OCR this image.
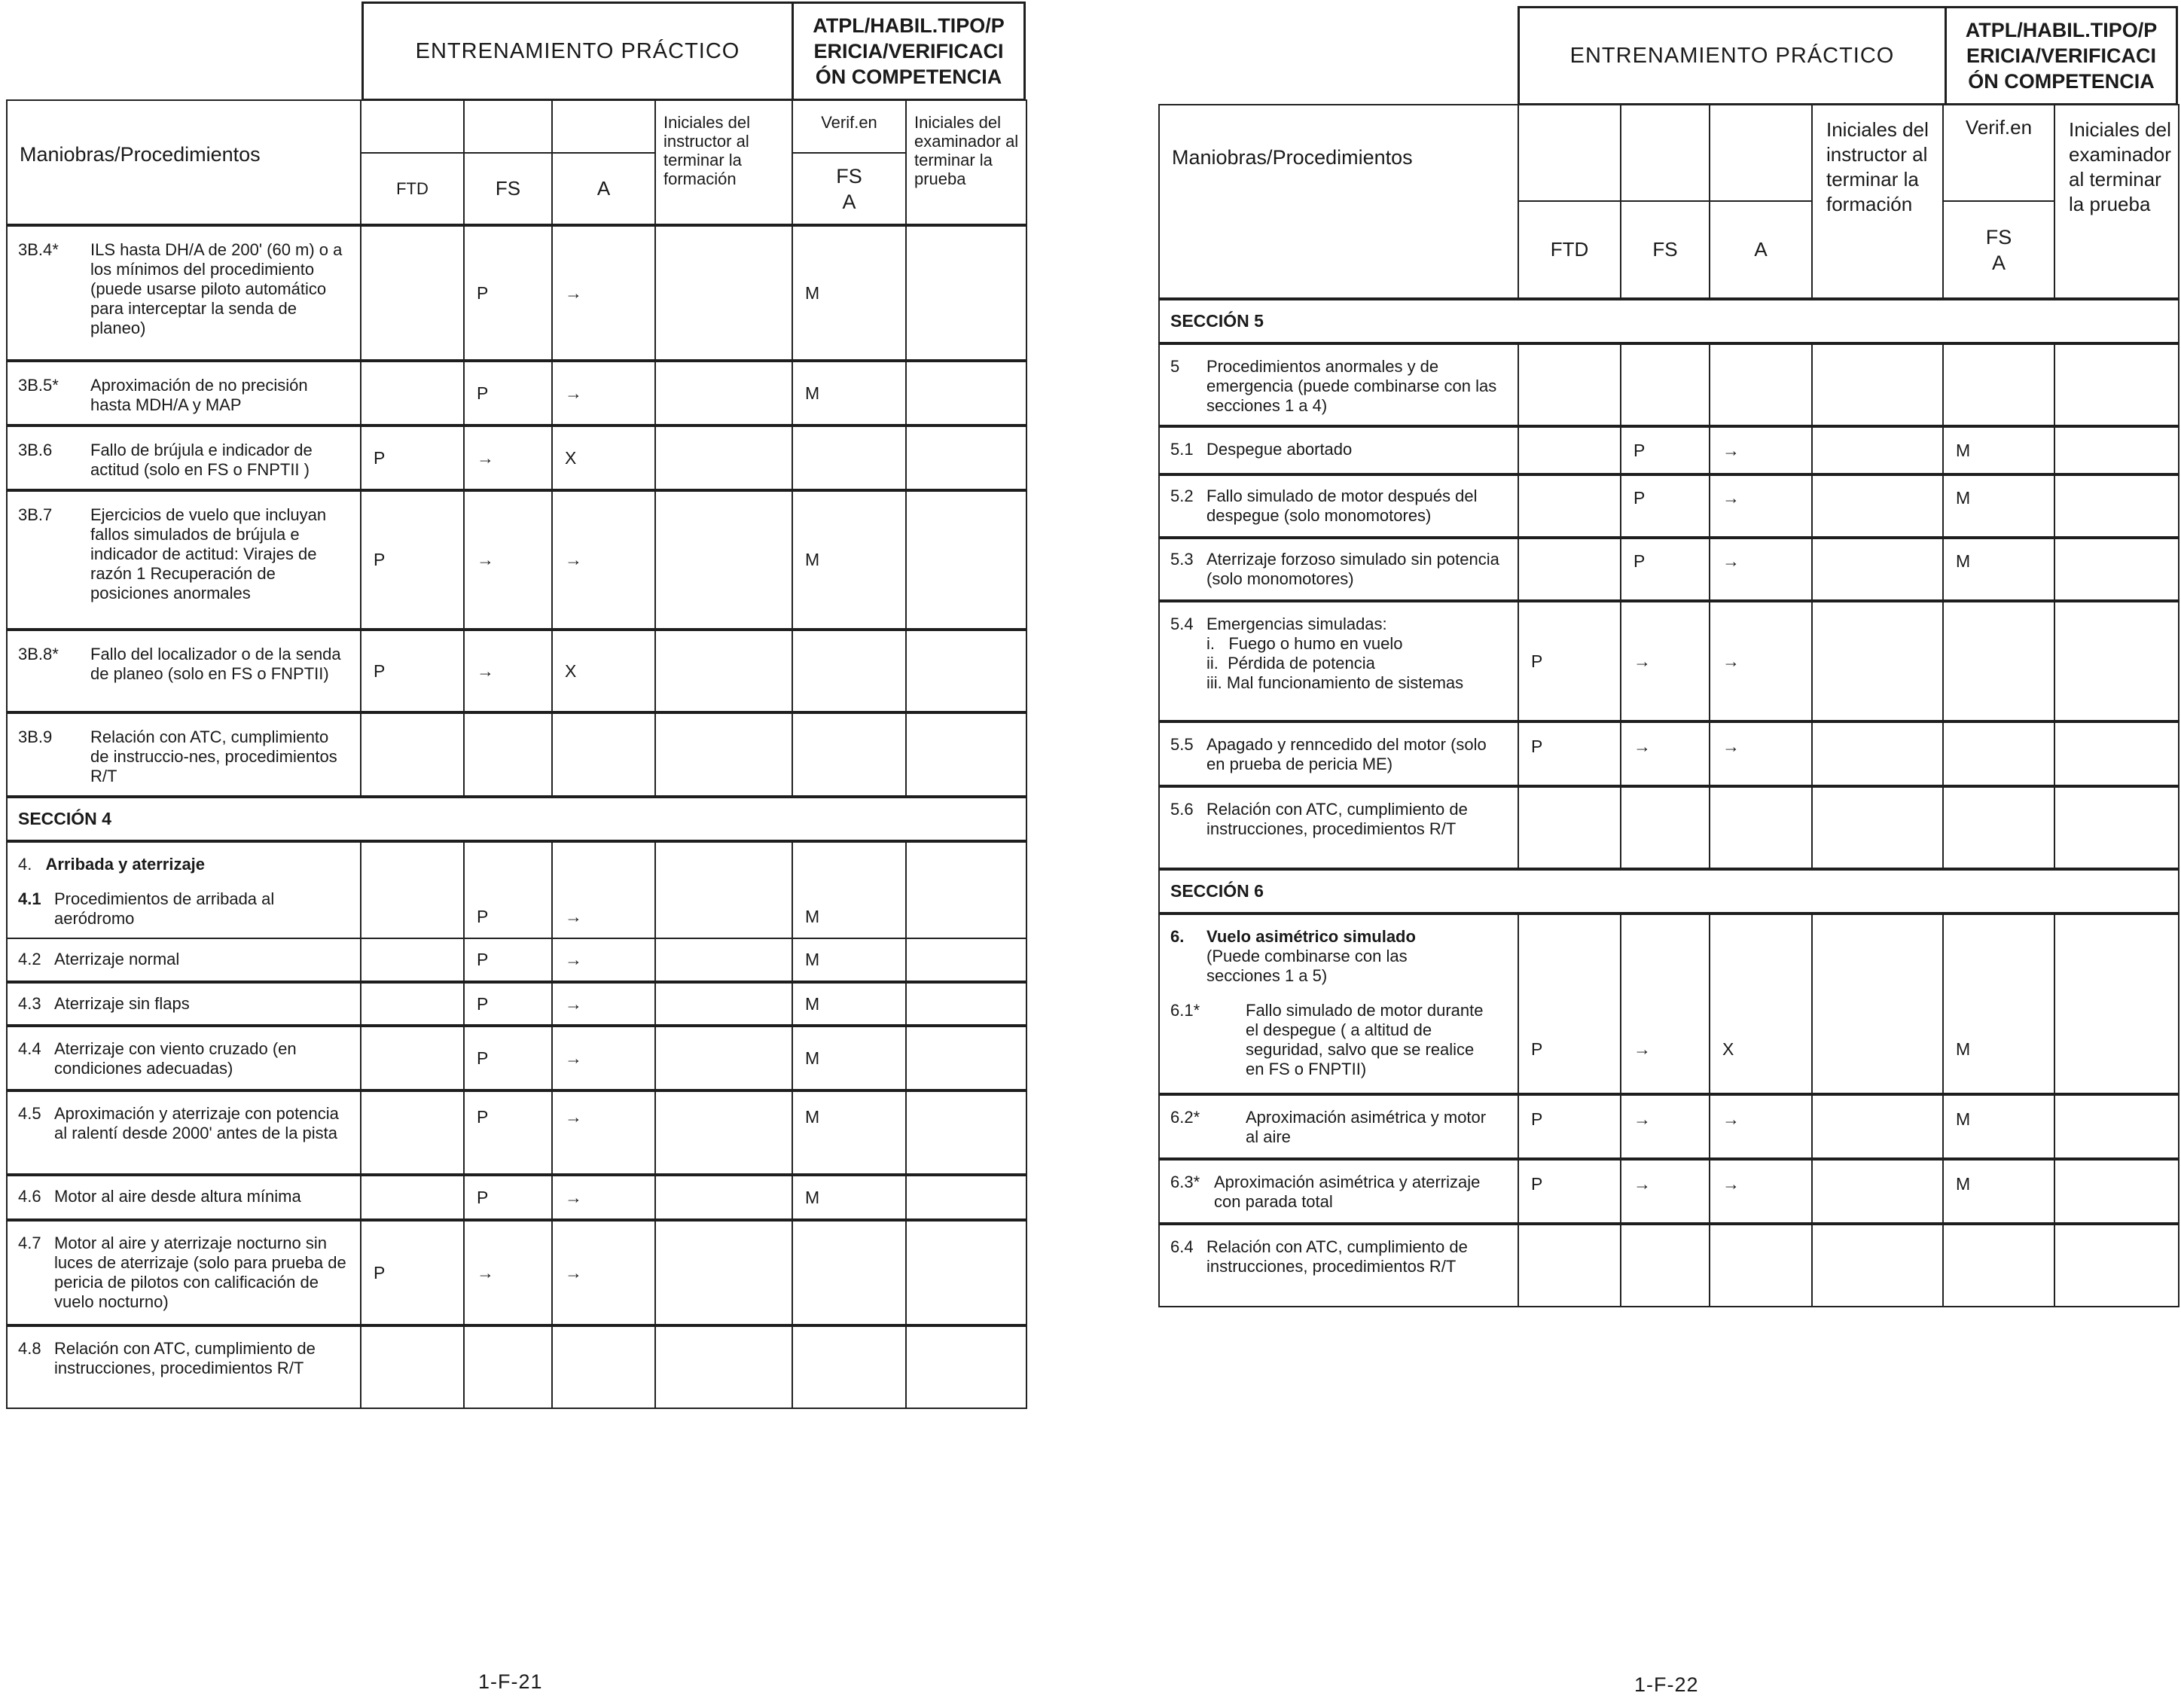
ENTRENAMIENTO PRÁCTICO
ATPL/HABIL.TIPO/P
ERICIA/VERIFICACI
ÓN COMPETENCIA
Maniobras/Procedimientos				Iniciales del instructor al terminar la formación	Verif.en	Iniciales del examinador al terminar la prueba
	FTD	FS	A		FS
A	

3B.4* ILS hasta DH/A de 200' (60 m) o a los mínimos del procedimiento (puede usarse piloto automático para interceptar la senda de planeo)		P	→		M	
3B.5* Aproximación de no precisión hasta MDH/A y MAP		P	→		M	
3B.6 Fallo de brújula e indicador de actitud (solo en FS o FNPTII )	P	→	X			
3B.7 Ejercicios de vuelo que incluyan fallos simulados de brújula e indicador de actitud: Virajes de razón 1 Recuperación de posiciones anormales	P	→	→		M	
3B.8* Fallo del localizador o de la senda de planeo (solo en FS o FNPTII)	P	→	X			
3B.9 Relación con ATC, cumplimiento de instruccio-nes, procedimientos R/T						
SECCIÓN 4						

4. Arribada y aterrizaje
4.1 Procedimientos de arribada al aeródromo		P	→		M	
4.2 Aterrizaje normal		P	→		M	
4.3 Aterrizaje sin flaps		P	→		M	
4.4 Aterrizaje con viento cruzado (en condiciones adecuadas)		P	→		M	
4.5 Aproximación y aterrizaje con potencia al ralentí desde 2000' antes de la pista		P	→		M	
4.6 Motor al aire desde altura mínima		P	→		M	
4.7 Motor al aire y aterrizaje nocturno sin luces de aterrizaje (solo para prueba de pericia de pilotos con calificación de vuelo nocturno)	P	→	→			
4.8 Relación con ATC, cumplimiento de instrucciones, procedimientos R/T						
1-F-21
ENTRENAMIENTO PRÁCTICO
ATPL/HABIL.TIPO/P
ERICIA/VERIFICACI
ÓN COMPETENCIA
Maniobras/Procedimientos				Iniciales del instructor al terminar la formación	Verif.en	Iniciales del examinador al terminar la prueba
	FTD	FS	A		FS
A	

SECCIÓN 5						
5 Procedimientos anormales y de emergencia (puede combinarse con las secciones 1 a 4)						
5.1 Despegue abortado		P	→		M	
5.2 Fallo simulado de motor después del despegue (solo monomotores)		P	→		M	
5.3 Aterrizaje forzoso simulado sin potencia (solo monomotores)		P	→		M	

5.4 Emergencias simuladas:
i.   Fuego o humo en vuelo
ii.  Pérdida de potencia
iii. Mal funcionamiento de sistemas	P	→	→			
5.5 Apagado y renncedido del motor (solo en prueba de pericia ME)	P	→	→			
5.6 Relación con ATC, cumplimiento de instrucciones, procedimientos R/T						
SECCIÓN 6						

6. Vuelo asimétrico simulado
(Puede combinarse con las secciones 1 a 5)
6.1* Fallo simulado de motor durante el despegue ( a altitud de seguridad, salvo que se realice en FS o FNPTII)	P	→	X		M	
6.2* Aproximación asimétrica y motor al aire	P	→	→		M	
6.3* Aproximación asimétrica y aterrizaje con parada total	P	→	→		M	
6.4 Relación con ATC, cumplimiento de instrucciones, procedimientos R/T						
1-F-22
